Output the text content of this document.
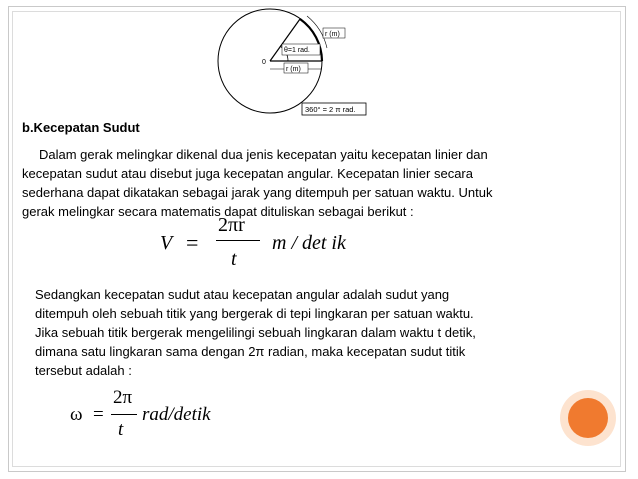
0
θ=1 rad.
r (m)
r (m)
360° = 2 π rad.
b.Kecepatan Sudut
Dalam gerak melingkar dikenal dua jenis kecepatan yaitu kecepatan linier dan
kecepatan sudut atau disebut juga kecepatan angular. Kecepatan linier secara
sederhana dapat dikatakan sebagai jarak yang ditempuh per satuan waktu. Untuk
gerak melingkar secara matematis dapat dituliskan sebagai berikut :
V =
2πr
t
m / det ik
Sedangkan kecepatan sudut atau kecepatan angular adalah sudut yang
ditempuh oleh sebuah titik yang bergerak di tepi lingkaran per satuan waktu.
Jika sebuah titik bergerak mengelilingi sebuah lingkaran dalam waktu t detik,
dimana satu lingkaran sama dengan 2π radian, maka kecepatan sudut titik
tersebut adalah :
ω =
2π
t
rad/detik
